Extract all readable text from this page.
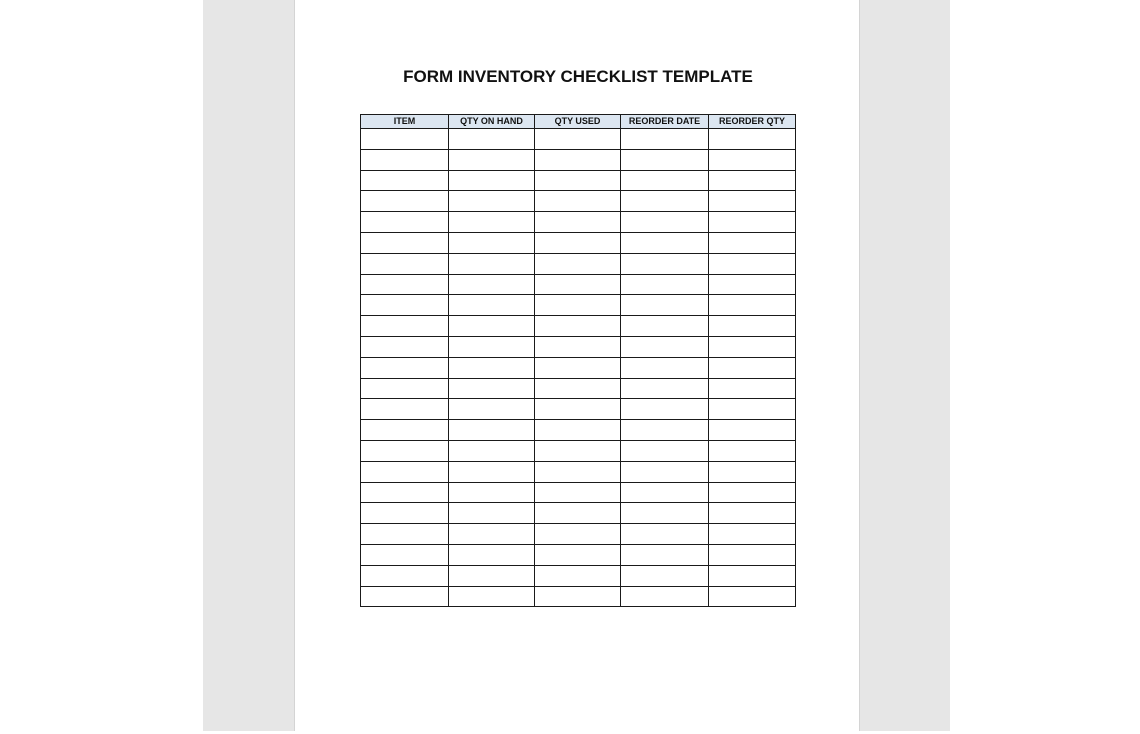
FORM INVENTORY CHECKLIST TEMPLATE
ITEM	QTY ON HAND	QTY USED	REORDER DATE	REORDER QTY
